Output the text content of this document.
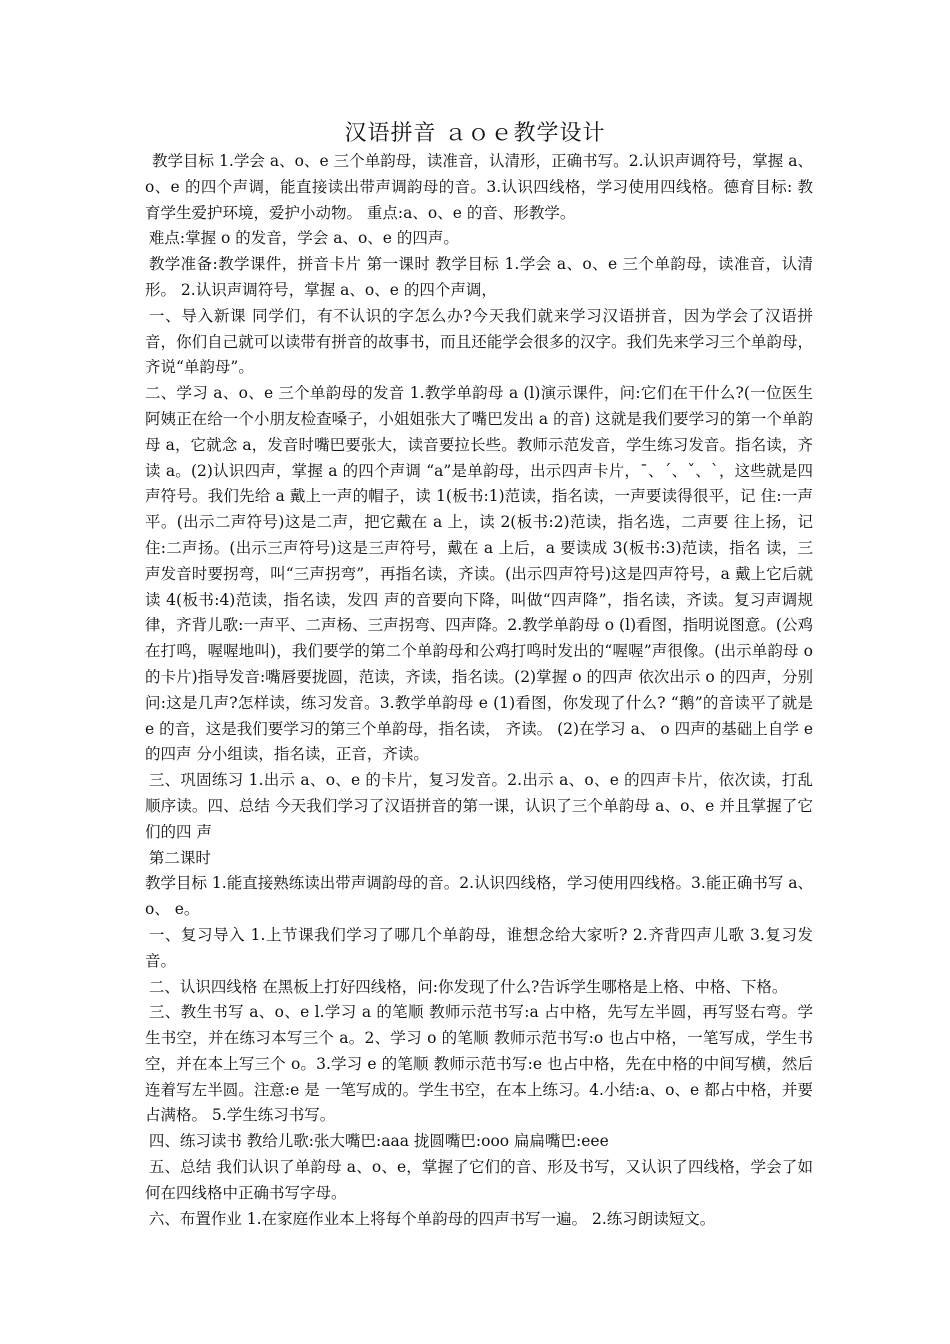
汉语拼音 ａｏｅ教学设计

教学目标 1.学会 a、o、e 三个单韵母，读准音，认清形，正确书写。2.认识声调符号，掌握 a、o、e 的四个声调，能直接读出带声调韵母的音。3.认识四线格，学习使用四线格。德育目标: 教育学生爱护环境，爱护小动物。 重点:a、o、e 的音、形教学。

难点:掌握 o 的发音，学会 a、o、e 的四声。

教学准备:教学课件，拼音卡片 第一课时 教学目标 1.学会 a、o、e 三个单韵母，读准音，认清形。 2.认识声调符号，掌握 a、o、e 的四个声调，

一、导入新课 同学们，有不认识的字怎么办?今天我们就来学习汉语拼音，因为学会了汉语拼音，你们自己就可以读带有拼音的故事书，而且还能学会很多的汉字。我们先来学习三个单韵母，齐说“单韵母”。

二、学习 a、o、e 三个单韵母的发音 1.教学单韵母 a (l)演示课件，问:它们在干什么?(一位医生阿姨正在给一个小朋友检查嗓子，小姐姐张大了嘴巴发出 a 的音) 这就是我们要学习的第一个单韵母 a，它就念 a，发音时嘴巴要张大，读音要拉长些。教师示范发音，学生练习发音。指名读，齐读 a。(2)认识四声，掌握 a 的四个声调 “a”是单韵母，出示四声卡片，ˉ、ˊ、ˇ、ˋ，这些就是四声符号。我们先给 a 戴上一声的帽子，读 1(板书:1)范读，指名读，一声要读得很平，记 住:一声平。(出示二声符号)这是二声，把它戴在 a 上，读 2(板书:2)范读，指名选，二声要 往上扬，记住:二声扬。(出示三声符号)这是三声符号，戴在 a 上后，a 要读成 3(板书:3)范读，指名 读，三声发音时要拐弯，叫“三声拐弯”，再指名读，齐读。(出示四声符号)这是四声符号，a 戴上它后就读 4(板书:4)范读，指名读，发四 声的音要向下降，叫做“四声降”，指名读，齐读。复习声调规律，齐背儿歌:一声平、二声杨、三声拐弯、四声降。2.教学单韵母 o (l)看图，指明说图意。(公鸡在打鸣，喔喔地叫)，我们要学的第二个单韵母和公鸡打鸣时发出的“喔喔”声很像。(出示单韵母 o 的卡片)指导发音:嘴唇要拢圆，范读，齐读，指名读。(2)掌握 o 的四声 依次出示 o 的四声，分别问:这是几声?怎样读，练习发音。3.教学单韵母 e (1)看图，你发现了什么? “鹅”的音读平了就是 e 的音，这是我们要学习的第三个单韵母，指名读， 齐读。 (2)在学习 a、 o 四声的基础上自学 e 的四声 分小组读，指名读，正音，齐读。

三、巩固练习 1.出示 a、o、e 的卡片，复习发音。2.出示 a、o、e 的四声卡片，依次读，打乱顺序读。四、总结 今天我们学习了汉语拼音的第一课，认识了三个单韵母 a、o、e 并且掌握了它们的四 声

第二课时

教学目标 1.能直接熟练读出带声调韵母的音。2.认识四线格，学习使用四线格。3.能正确书写 a、 o、 e。

一、复习导入 1.上节课我们学习了哪几个单韵母，谁想念给大家听? 2.齐背四声儿歌 3.复习发音。

二、认识四线格 在黑板上打好四线格，问:你发现了什么?告诉学生哪格是上格、中格、下格。

三、教生书写 a、o、e l.学习 a 的笔顺 教师示范书写:a 占中格，先写左半圆，再写竖右弯。学生书空，并在练习本写三个 a。2、学习 o 的笔顺 教师示范书写:o 也占中格，一笔写成，学生书空，并在本上写三个 o。3.学习 e 的笔顺 教师示范书写:e 也占中格，先在中格的中间写横，然后连着写左半圆。注意:e 是 一笔写成的。学生书空，在本上练习。4.小结:a、o、e 都占中格，并要占满格。 5.学生练习书写。

四、练习读书 教给儿歌:张大嘴巴:aaa 拢圆嘴巴:ooo 扁扁嘴巴:eee

五、总结 我们认识了单韵母 a、o、e，掌握了它们的音、形及书写，又认识了四线格，学会了如何在四线格中正确书写字母。

六、布置作业 1.在家庭作业本上将每个单韵母的四声书写一遍。 2.练习朗读短文。
